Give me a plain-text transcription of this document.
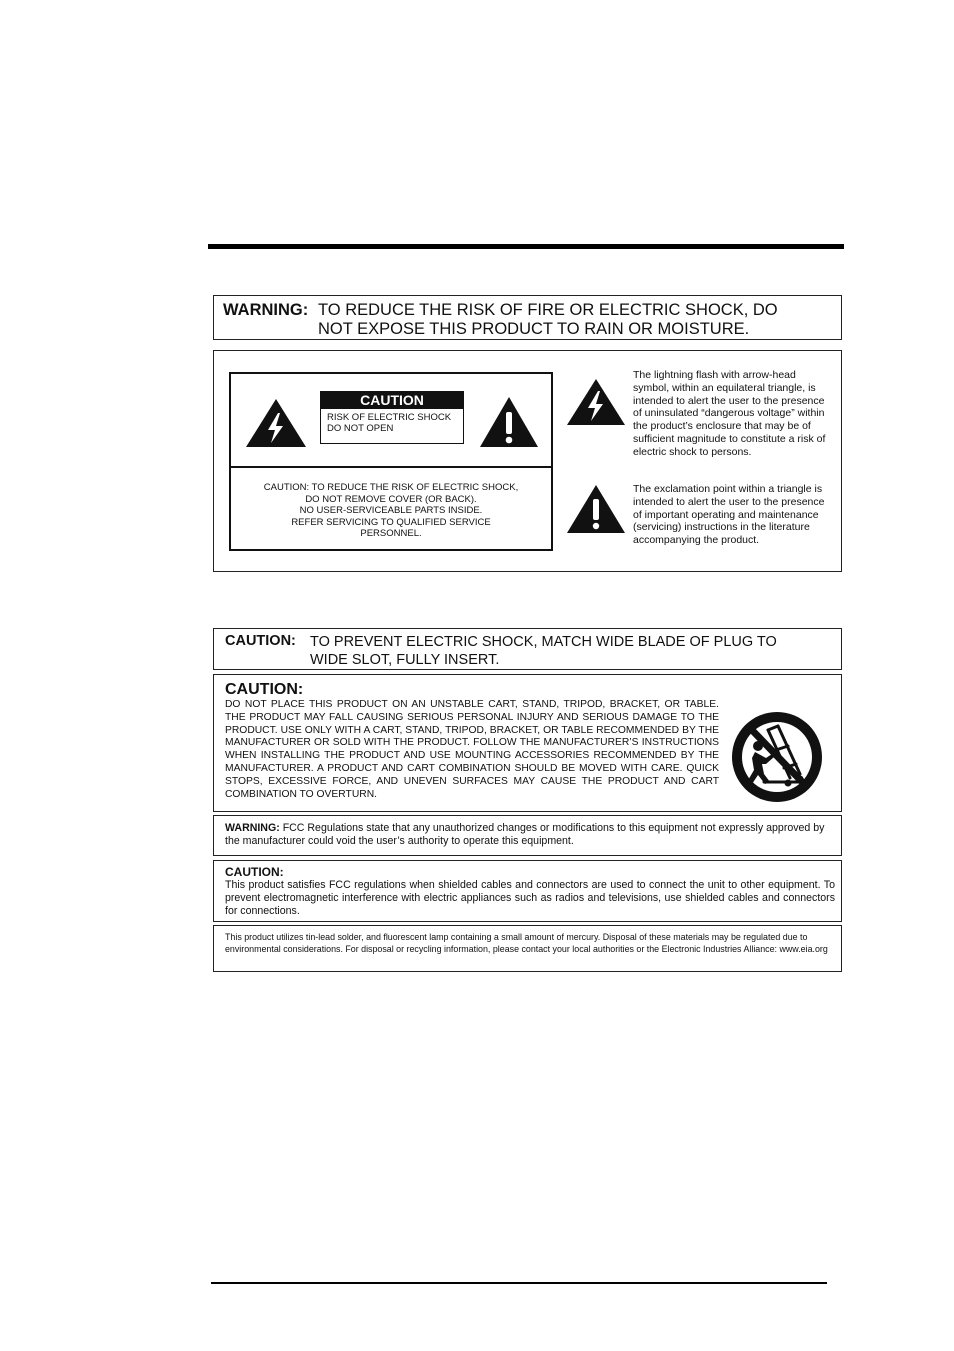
WARNING: TO REDUCE THE RISK OF FIRE OR ELECTRIC SHOCK, DO
NOT EXPOSE THIS PRODUCT TO RAIN OR MOISTURE.
CAUTION
RISK OF ELECTRIC SHOCK
DO NOT OPEN
CAUTION: TO REDUCE THE RISK OF ELECTRIC SHOCK,
DO NOT REMOVE COVER (OR BACK).
NO USER-SERVICEABLE PARTS INSIDE.
REFER SERVICING TO QUALIFIED SERVICE
PERSONNEL.
The lightning flash with arrow-head symbol, within an equilateral triangle, is intended to alert the user to the presence of uninsulated “dangerous voltage” within the product’s enclosure that may be of sufficient magnitude to constitute a risk of electric shock to persons.
The exclamation point within a triangle is intended to alert the user to the presence of important operating and maintenance (servicing) instructions in the literature accompanying the product.
CAUTION: TO PREVENT ELECTRIC SHOCK, MATCH WIDE BLADE OF PLUG TO
WIDE SLOT, FULLY INSERT.
CAUTION:
DO NOT PLACE THIS PRODUCT ON AN UNSTABLE CART, STAND, TRIPOD, BRACKET, OR TABLE. THE PRODUCT MAY FALL CAUSING SERIOUS PERSONAL INJURY AND SERIOUS DAMAGE TO THE PRODUCT. USE ONLY WITH A CART, STAND, TRIPOD, BRACKET, OR TABLE RECOMMENDED BY THE MANUFACTURER OR SOLD WITH THE PRODUCT. FOLLOW THE MANUFACTURER’S INSTRUCTIONS WHEN INSTALLING THE PRODUCT AND USE MOUNTING ACCESSORIES RECOMMENDED BY THE MANUFACTURER. A PRODUCT AND CART COMBINATION SHOULD BE MOVED WITH CARE. QUICK STOPS, EXCESSIVE FORCE, AND UNEVEN SURFACES MAY CAUSE THE PRODUCT AND CART COMBINATION TO OVERTURN.
WARNING: FCC Regulations state that any unauthorized changes or modifications to this equipment not expressly approved by the manufacturer could void the user’s authority to operate this equipment.
CAUTION:
This product satisfies FCC regulations when shielded cables and connectors are used to connect the unit to other equipment. To prevent electromagnetic interference with electric appliances such as radios and televisions, use shielded cables and connectors for connections.
This product utilizes tin-lead solder, and fluorescent lamp containing a small amount of mercury. Disposal of these materials may be regulated due to environmental considerations. For disposal or recycling information, please contact your local authorities or the Electronic Industries Alliance: www.eia.org
